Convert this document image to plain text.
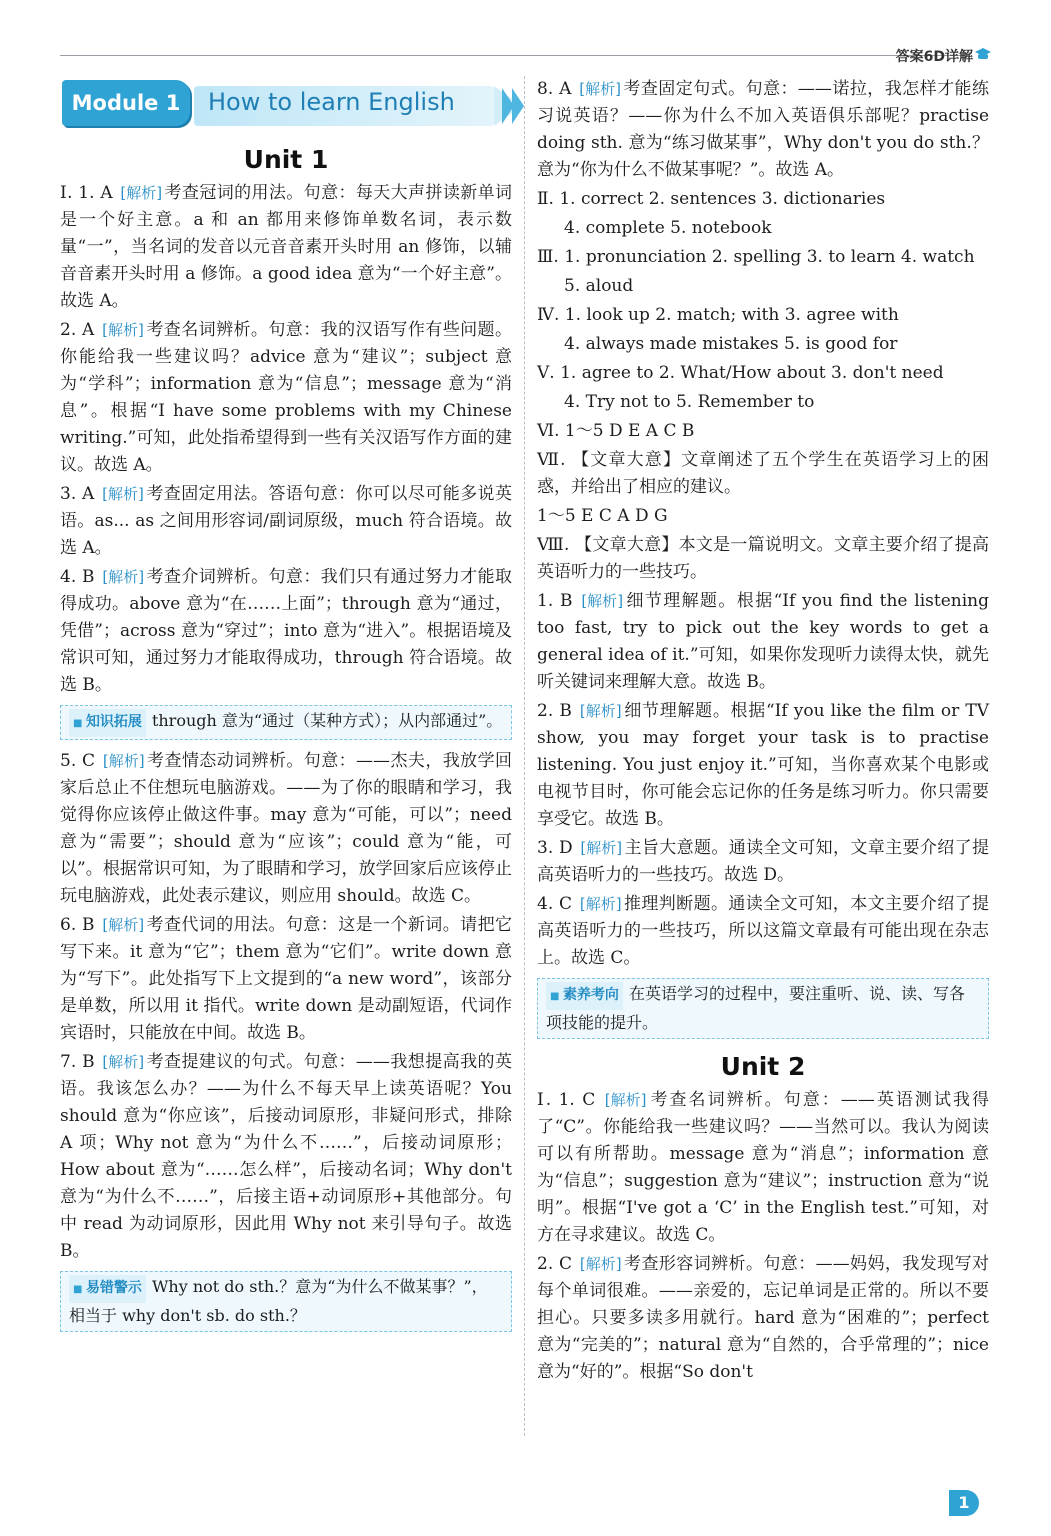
答案6D详解
Module 1	How to learn English
Unit 1

Ⅰ. 1. A [ 解析 ] 考查冠词的用法。句意：每天大声拼读新单词是一个好主意。a 和 an 都用来修饰单数名词，表示数量“一”，当名词的发音以元音音素开头时用 an 修饰，以辅音音素开头时用 a 修饰。a good idea 意为“一个好主意”。故选 A。

2. A [ 解析 ] 考查名词辨析。句意：我的汉语写作有些问题。你能给我一些建议吗？advice 意为“建议”；subject 意为“学科”；information 意为“信息”；message 意为“消息”。根据“I have some problems with my Chinese writing.”可知，此处指希望得到一些有关汉语写作方面的建议。故选 A。

3. A [ 解析 ] 考查固定用法。答语句意：你可以尽可能多说英语。as... as 之间用形容词/副词原级，much 符合语境。故选 A。

4. B [ 解析 ] 考查介词辨析。句意：我们只有通过努力才能取得成功。above 意为“在……上面”；through 意为“通过，凭借”；across 意为“穿过”；into 意为“进入”。根据语境及常识可知，通过努力才能取得成功，through 符合语境。故选 B。

■ 知识拓展 through 意为“通过（某种方式）；从内部通过”。

5. C [ 解析 ] 考查情态动词辨析。句意：——杰夫，我放学回家后总止不住想玩电脑游戏。——为了你的眼睛和学习，我觉得你应该停止做这件事。may 意为“可能，可以”；need 意为“需要”；should 意为“应该”；could 意为“能，可以”。根据常识可知，为了眼睛和学习，放学回家后应该停止玩电脑游戏，此处表示建议，则应用 should。故选 C。

6. B [ 解析 ] 考查代词的用法。句意：这是一个新词。请把它写下来。it 意为“它”；them 意为“它们”。write down 意为“写下”。此处指写下上文提到的“a new word”，该部分是单数，所以用 it 指代。write down 是动副短语，代词作宾语时，只能放在中间。故选 B。

7. B [ 解析 ] 考查提建议的句式。句意：——我想提高我的英语。我该怎么办？——为什么不每天早上读英语呢？You should 意为“你应该”，后接动词原形，非疑问形式，排除 A 项；Why not 意为“为什么不……”，后接动词原形；How about 意为“……怎么样”，后接动名词；Why don't 意为“为什么不……”，后接主语+动词原形+其他部分。句中 read 为动词原形，因此用 Why not 来引导句子。故选 B。

■ 易错警示 Why not do sth.？意为“为什么不做某事？”，相当于 why don't sb. do sth.？

8. A [ 解析 ] 考查固定句式。句意：——诺拉，我怎样才能练习说英语？——你为什么不加入英语俱乐部呢？practise doing sth. 意为“练习做某事”，Why don't you do sth.？意为“你为什么不做某事呢？”。故选 A。

Ⅱ. 1. correct 2. sentences 3. dictionaries

4. complete 5. notebook

Ⅲ. 1. pronunciation 2. spelling 3. to learn 4. watch

5. aloud

Ⅳ. 1. look up 2. match; with 3. agree with

4. always made mistakes 5. is good for

Ⅴ. 1. agree to 2. What/How about 3. don't need

4. Try not to 5. Remember to

Ⅵ. 1～5 D E A C B

Ⅶ. 【文章大意】文章阐述了五个学生在英语学习上的困惑，并给出了相应的建议。

1～5 E C A D G

Ⅷ. 【文章大意】本文是一篇说明文。文章主要介绍了提高英语听力的一些技巧。

1. B [ 解析 ] 细节理解题。根据“If you find the listening too fast, try to pick out the key words to get a general idea of it.”可知，如果你发现听力读得太快，就先听关键词来理解大意。故选 B。

2. B [ 解析 ] 细节理解题。根据“If you like the film or TV show, you may forget your task is to practise listening. You just enjoy it.”可知，当你喜欢某个电影或电视节目时，你可能会忘记你的任务是练习听力。你只需要享受它。故选 B。

3. D [ 解析 ] 主旨大意题。通读全文可知，文章主要介绍了提高英语听力的一些技巧。故选 D。

4. C [ 解析 ] 推理判断题。通读全文可知，本文主要介绍了提高英语听力的一些技巧，所以这篇文章最有可能出现在杂志上。故选 C。

■ 素养考向 在英语学习的过程中，要注重听、说、读、写各项技能的提升。
Unit 2

Ⅰ. 1. C [ 解析 ] 考查名词辨析。句意：——英语测试我得了“C”。你能给我一些建议吗？——当然可以。我认为阅读可以有所帮助。message 意为“消息”；information 意为“信息”；suggestion 意为“建议”；instruction 意为“说明”。根据“I've got a ‘C’ in the English test.”可知，对方在寻求建议。故选 C。

2. C [ 解析 ] 考查形容词辨析。句意：——妈妈，我发现写对每个单词很难。——亲爱的，忘记单词是正常的。所以不要担心。只要多读多用就行。hard 意为“困难的”；perfect 意为“完美的”；natural 意为“自然的，合乎常理的”；nice 意为“好的”。根据“So don't

1
